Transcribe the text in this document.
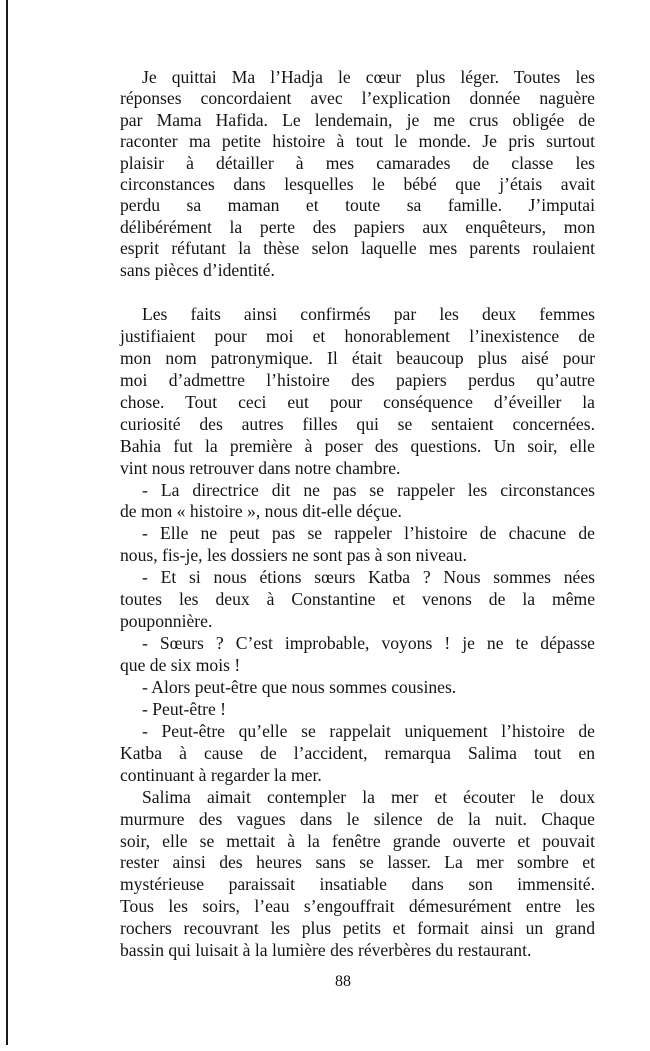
Je quittai Ma l’Hadja le cœur plus léger. Toutes les
réponses concordaient avec l’explication donnée naguère
par Mama Hafida. Le lendemain, je me crus obligée de
raconter ma petite histoire à tout le monde. Je pris surtout
plaisir à détailler à mes camarades de classe les
circonstances dans lesquelles le bébé que j’étais avait
perdu sa maman et toute sa famille. J’imputai
délibérément la perte des papiers aux enquêteurs, mon
esprit réfutant la thèse selon laquelle mes parents roulaient
sans pièces d’identité.
Les faits ainsi confirmés par les deux femmes
justifiaient pour moi et honorablement l’inexistence de
mon nom patronymique. Il était beaucoup plus aisé pour
moi d’admettre l’histoire des papiers perdus qu’autre
chose. Tout ceci eut pour conséquence d’éveiller la
curiosité des autres filles qui se sentaient concernées.
Bahia fut la première à poser des questions. Un soir, elle
vint nous retrouver dans notre chambre.
- La directrice dit ne pas se rappeler les circonstances
de mon « histoire », nous dit-elle déçue.
- Elle ne peut pas se rappeler l’histoire de chacune de
nous, fis-je, les dossiers ne sont pas à son niveau.
- Et si nous étions sœurs Katba ? Nous sommes nées
toutes les deux à Constantine et venons de la même
pouponnière.
- Sœurs ? C’est improbable, voyons ! je ne te dépasse
que de six mois !
- Alors peut-être que nous sommes cousines.
- Peut-être !
- Peut-être qu’elle se rappelait uniquement l’histoire de
Katba à cause de l’accident, remarqua Salima tout en
continuant à regarder la mer.
Salima aimait contempler la mer et écouter le doux
murmure des vagues dans le silence de la nuit. Chaque
soir, elle se mettait à la fenêtre grande ouverte et pouvait
rester ainsi des heures sans se lasser. La mer sombre et
mystérieuse paraissait insatiable dans son immensité.
Tous les soirs, l’eau s’engouffrait démesurément entre les
rochers recouvrant les plus petits et formait ainsi un grand
bassin qui luisait à la lumière des réverbères du restaurant.
88
